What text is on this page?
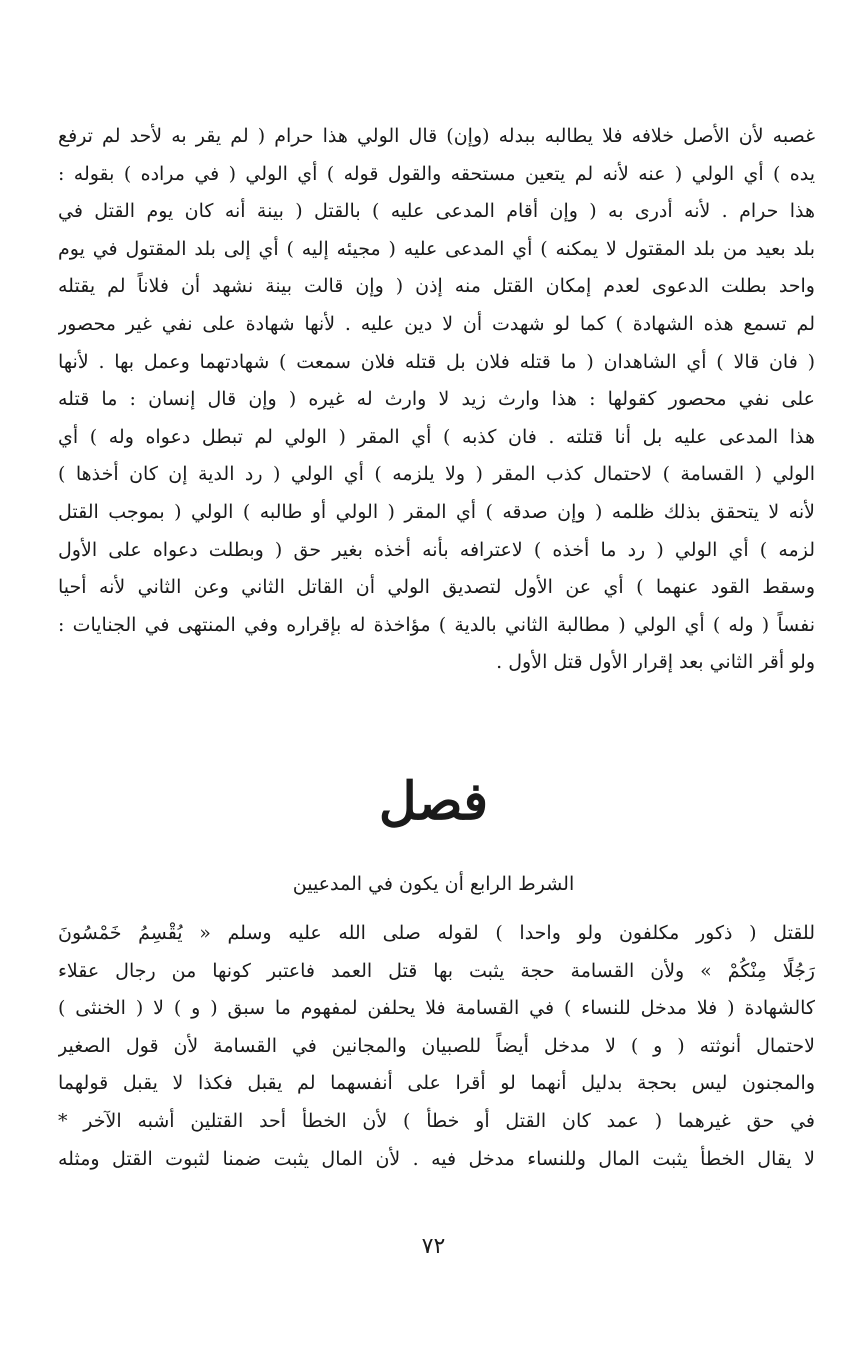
غصبه لأن الأصل خلافه فلا يطالبه ببدله (وإن) قال الولي هذا حرام ( لم يقر به لأحد لم ترفع
يده ) أي الولي ( عنه لأنه لم يتعين مستحقه والقول قوله ) أي الولي ( في مراده ) بقوله :
هذا حرام . لأنه أدرى به ( وإن أقام المدعى عليه ) بالقتل ( بينة أنه كان يوم القتل في
بلد بعيد من بلد المقتول لا يمكنه ) أي المدعى عليه ( مجيئه إليه ) أي إلى بلد المقتول في يوم
واحد بطلت الدعوى لعدم إمكان القتل منه إذن ( وإن قالت بينة نشهد أن فلاناً لم يقتله
لم تسمع هذه الشهادة ) كما لو شهدت أن لا دين عليه . لأنها شهادة على نفي غير محصور
( فان قالا ) أي الشاهدان ( ما قتله فلان بل قتله فلان سمعت ) شهادتهما وعمل بها . لأنها
على نفي محصور كقولها : هذا وارث زيد لا وارث له غيره ( وإن قال إنسان : ما قتله
هذا المدعى عليه بل أنا قتلته . فان كذبه ) أي المقر ( الولي لم تبطل دعواه وله ) أي
الولي ( القسامة ) لاحتمال كذب المقر ( ولا يلزمه ) أي الولي ( رد الدية إن كان أخذها )
لأنه لا يتحقق بذلك ظلمه ( وإن صدقه ) أي المقر ( الولي أو طالبه ) الولي ( بموجب القتل
لزمه ) أي الولي ( رد ما أخذه ) لاعترافه بأنه أخذه بغير حق ( وبطلت دعواه على الأول
وسقط القود عنهما ) أي عن الأول لتصديق الولي أن القاتل الثاني وعن الثاني لأنه أحيا
نفساً ( وله ) أي الولي ( مطالبة الثاني بالدية ) مؤاخذة له بإقراره وفي المنتهى في الجنايات :
ولو أقر الثاني بعد إقرار الأول قتل الأول .
فصل
الشرط الرابع أن يكون في المدعيين
للقتل ( ذكور مكلفون ولو واحدا ) لقوله صلى الله عليه وسلم « يُقْسِمُ خَمْسُونَ
رَجُلًا مِنْكُمْ » ولأن القسامة حجة يثبت بها قتل العمد فاعتبر كونها من رجال عقلاء
كالشهادة ( فلا مدخل للنساء ) في القسامة فلا يحلفن لمفهوم ما سبق ( و ) لا ( الخنثى )
لاحتمال أنوثته ( و ) لا مدخل أيضاً للصبيان والمجانين في القسامة لأن قول الصغير
والمجنون ليس بحجة بدليل أنهما لو أقرا على أنفسهما لم يقبل فكذا لا يقبل قولهما
في حق غيرهما ( عمد كان القتل أو خطأ ) لأن الخطأ أحد القتلين أشبه الآخر *
لا يقال الخطأ يثبت المال وللنساء مدخل فيه . لأن المال يثبت ضمنا لثبوت القتل ومثله
٧٢
